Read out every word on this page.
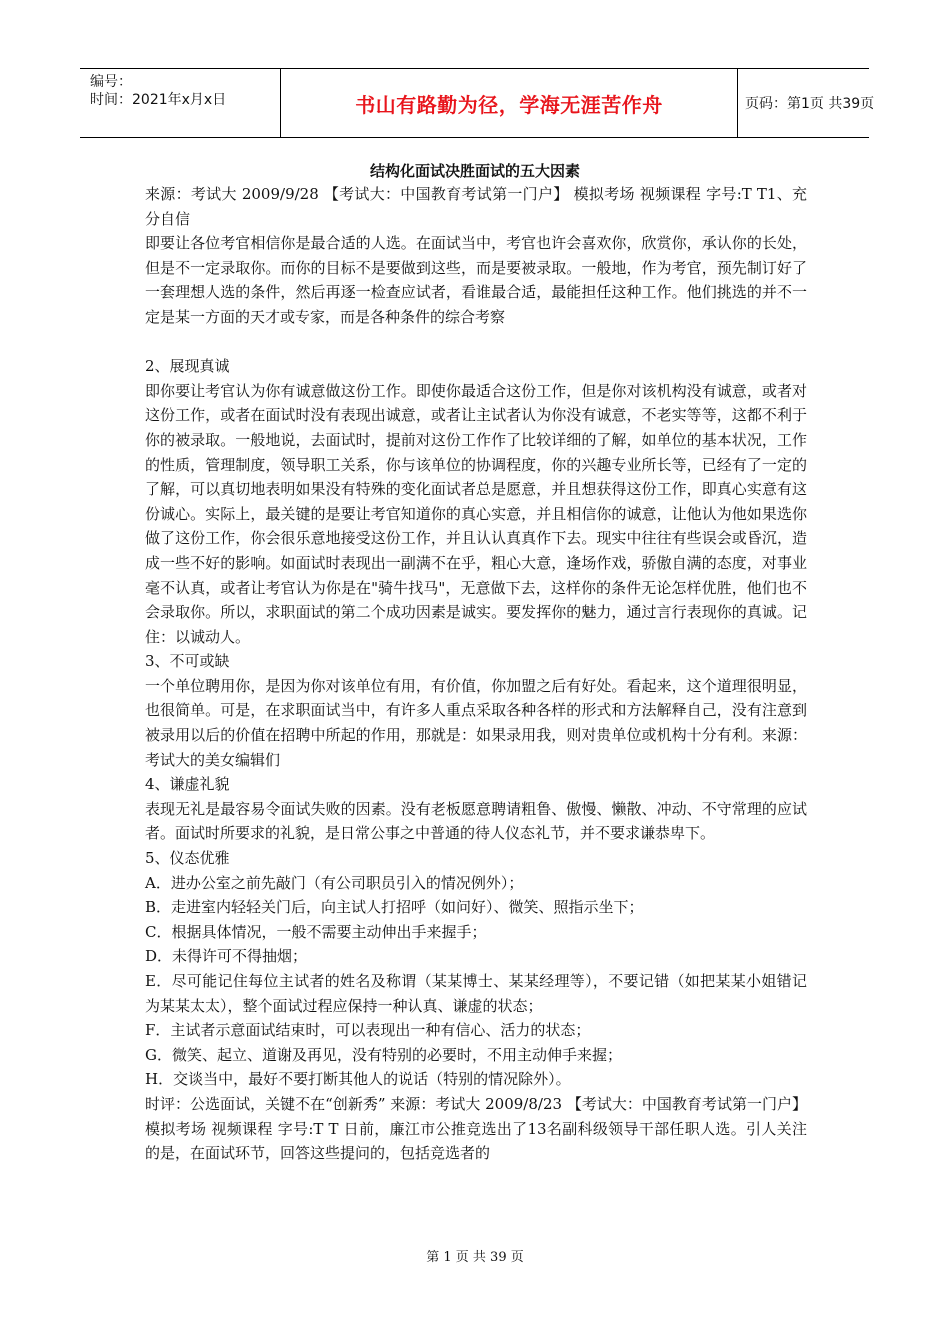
编号：
时间：2021年x月x日	书山有路勤为径，学海无涯苦作舟	页码：第1页 共39页
结构化面试决胜面试的五大因素

来源：考试大 2009/9/28 【考试大：中国教育考试第一门户】 模拟考场 视频课程 字号:T T1、充分自信

即要让各位考官相信你是最合适的人选。在面试当中，考官也许会喜欢你，欣赏你，承认你的长处，但是不一定录取你。而你的目标不是要做到这些，而是要被录取。一般地，作为考官，预先制订好了一套理想人选的条件，然后再逐一检查应试者，看谁最合适，最能担任这种工作。他们挑选的并不一定是某一方面的天才或专家，而是各种条件的综合考察

2、展现真诚

即你要让考官认为你有诚意做这份工作。即使你最适合这份工作，但是你对该机构没有诚意，或者对这份工作，或者在面试时没有表现出诚意，或者让主试者认为你没有诚意，不老实等等，这都不利于你的被录取。一般地说，去面试时，提前对这份工作作了比较详细的了解，如单位的基本状况，工作的性质，管理制度，领导职工关系，你与该单位的协调程度，你的兴趣专业所长等，已经有了一定的了解，可以真切地表明如果没有特殊的变化面试者总是愿意，并且想获得这份工作，即真心实意有这份诚心。实际上，最关键的是要让考官知道你的真心实意，并且相信你的诚意，让他认为他如果选你做了这份工作，你会很乐意地接受这份工作，并且认认真真作下去。现实中往往有些误会或昏沉，造成一些不好的影响。如面试时表现出一副满不在乎，粗心大意，逢场作戏，骄傲自满的态度，对事业毫不认真，或者让考官认为你是在"骑牛找马"，无意做下去，这样你的条件无论怎样优胜，他们也不会录取你。所以，求职面试的第二个成功因素是诚实。要发挥你的魅力，通过言行表现你的真诚。记住：以诚动人。

3、不可或缺

一个单位聘用你，是因为你对该单位有用，有价值，你加盟之后有好处。看起来，这个道理很明显，也很简单。可是，在求职面试当中，有许多人重点采取各种各样的形式和方法解释自己，没有注意到被录用以后的价值在招聘中所起的作用，那就是：如果录用我，则对贵单位或机构十分有利。来源：考试大的美女编辑们

4、谦虚礼貌

表现无礼是最容易令面试失败的因素。没有老板愿意聘请粗鲁、傲慢、懒散、冲动、不守常理的应试者。面试时所要求的礼貌，是日常公事之中普通的待人仪态礼节，并不要求谦恭卑下。

5、仪态优雅

A．进办公室之前先敲门（有公司职员引入的情况例外）；

B．走进室内轻轻关门后，向主试人打招呼（如问好）、微笑、照指示坐下；

C．根据具体情况，一般不需要主动伸出手来握手；

D．未得许可不得抽烟；

E．尽可能记住每位主试者的姓名及称谓（某某博士、某某经理等），不要记错（如把某某小姐错记为某某太太），整个面试过程应保持一种认真、谦虚的状态；

F．主试者示意面试结束时，可以表现出一种有信心、活力的状态；

G．微笑、起立、道谢及再见，没有特别的必要时，不用主动伸手来握；

H．交谈当中，最好不要打断其他人的说话（特别的情况除外）。

时评：公选面试，关键不在“创新秀” 来源：考试大 2009/8/23 【考试大：中国教育考试第一门户】 模拟考场 视频课程 字号:T T 日前，廉江市公推竞选出了13名副科级领导干部任职人选。引人关注的是，在面试环节，回答这些提问的，包括竞选者的

第 1 页 共 39 页
